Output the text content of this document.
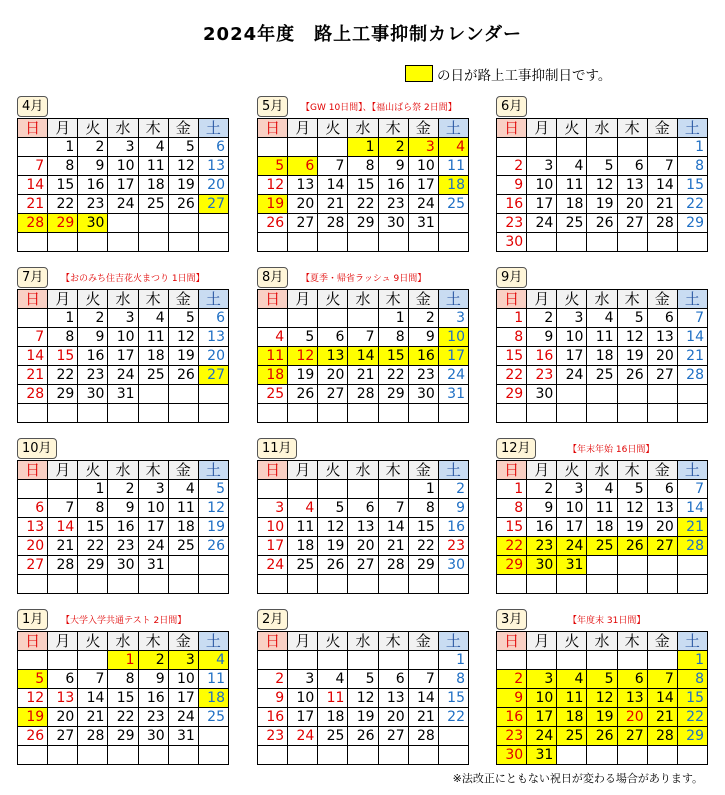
2024年度　路上工事抑制カレンダー
の日が路上工事抑制日です。
4月
日	月	火	水	木	金	土
	1	2	3	4	5	6
7	8	9	10	11	12	13
14	15	16	17	18	19	20
21	22	23	24	25	26	27
28	29	30				

5月	【GW 10日間】、【福山ばら祭 2日間】
日	月	火	水	木	金	土
			1	2	3	4
5	6	7	8	9	10	11
12	13	14	15	16	17	18
19	20	21	22	23	24	25
26	27	28	29	30	31	

6月
日	月	火	水	木	金	土
						1
2	3	4	5	6	7	8
9	10	11	12	13	14	15
16	17	18	19	20	21	22
23	24	25	26	27	28	29
30						
7月	【おのみち住吉花火まつり 1日間】
日	月	火	水	木	金	土
	1	2	3	4	5	6
7	8	9	10	11	12	13
14	15	16	17	18	19	20
21	22	23	24	25	26	27
28	29	30	31			

8月	【夏季・帰省ラッシュ 9日間】
日	月	火	水	木	金	土
				1	2	3
4	5	6	7	8	9	10
11	12	13	14	15	16	17
18	19	20	21	22	23	24
25	26	27	28	29	30	31

9月
日	月	火	水	木	金	土
1	2	3	4	5	6	7
8	9	10	11	12	13	14
15	16	17	18	19	20	21
22	23	24	25	26	27	28
29	30					

10月
日	月	火	水	木	金	土
		1	2	3	4	5
6	7	8	9	10	11	12
13	14	15	16	17	18	19
20	21	22	23	24	25	26
27	28	29	30	31		

11月
日	月	火	水	木	金	土
					1	2
3	4	5	6	7	8	9
10	11	12	13	14	15	16
17	18	19	20	21	22	23
24	25	26	27	28	29	30

12月	【年末年始 16日間】
日	月	火	水	木	金	土
1	2	3	4	5	6	7
8	9	10	11	12	13	14
15	16	17	18	19	20	21
22	23	24	25	26	27	28
29	30	31				

1月	【大学入学共通テスト 2日間】
日	月	火	水	木	金	土
			1	2	3	4
5	6	7	8	9	10	11
12	13	14	15	16	17	18
19	20	21	22	23	24	25
26	27	28	29	30	31	

2月
日	月	火	水	木	金	土
						1
2	3	4	5	6	7	8
9	10	11	12	13	14	15
16	17	18	19	20	21	22
23	24	25	26	27	28	

3月	【年度末 31日間】
日	月	火	水	木	金	土
						1
2	3	4	5	6	7	8
9	10	11	12	13	14	15
16	17	18	19	20	21	22
23	24	25	26	27	28	29
30	31					
※法改正にともない祝日が変わる場合があります。
